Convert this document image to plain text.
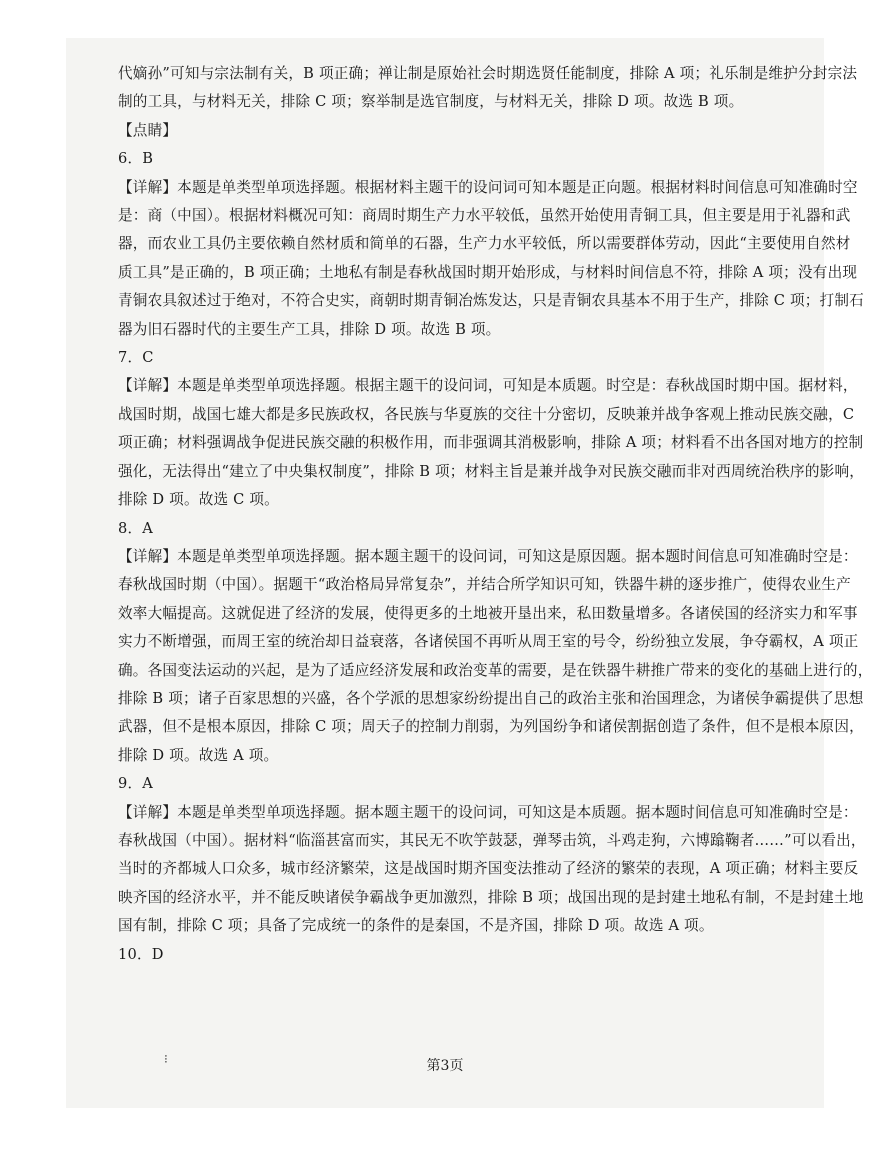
代嫡孙”可知与宗法制有关，B 项正确；禅让制是原始社会时期选贤任能制度，排除 A 项；礼乐制是维护分封宗法
制的工具，与材料无关，排除 C 项；察举制是选官制度，与材料无关，排除 D 项。故选 B 项。
【点睛】
6．B
【详解】本题是单类型单项选择题。根据材料主题干的设问词可知本题是正向题。根据材料时间信息可知准确时空
是：商（中国）。根据材料概况可知：商周时期生产力水平较低，虽然开始使用青铜工具，但主要是用于礼器和武
器，而农业工具仍主要依赖自然材质和简单的石器，生产力水平较低，所以需要群体劳动，因此“主要使用自然材
质工具”是正确的，B 项正确；土地私有制是春秋战国时期开始形成，与材料时间信息不符，排除 A 项；没有出现
青铜农具叙述过于绝对，不符合史实，商朝时期青铜冶炼发达，只是青铜农具基本不用于生产，排除 C 项；打制石
器为旧石器时代的主要生产工具，排除 D 项。故选 B 项。
7．C
【详解】本题是单类型单项选择题。根据主题干的设问词，可知是本质题。时空是：春秋战国时期中国。据材料，
战国时期，战国七雄大都是多民族政权，各民族与华夏族的交往十分密切，反映兼并战争客观上推动民族交融，C
项正确；材料强调战争促进民族交融的积极作用，而非强调其消极影响，排除 A 项；材料看不出各国对地方的控制
强化，无法得出“建立了中央集权制度”，排除 B 项；材料主旨是兼并战争对民族交融而非对西周统治秩序的影响，
排除 D 项。故选 C 项。
8．A
【详解】本题是单类型单项选择题。据本题主题干的设问词，可知这是原因题。据本题时间信息可知准确时空是：
春秋战国时期（中国）。据题干“政治格局异常复杂”，并结合所学知识可知，铁器牛耕的逐步推广，使得农业生产
效率大幅提高。这就促进了经济的发展，使得更多的土地被开垦出来，私田数量增多。各诸侯国的经济实力和军事
实力不断增强，而周王室的统治却日益衰落，各诸侯国不再听从周王室的号令，纷纷独立发展，争夺霸权，A 项正
确。各国变法运动的兴起，是为了适应经济发展和政治变革的需要，是在铁器牛耕推广带来的变化的基础上进行的，
排除 B 项；诸子百家思想的兴盛，各个学派的思想家纷纷提出自己的政治主张和治国理念，为诸侯争霸提供了思想
武器，但不是根本原因，排除 C 项；周天子的控制力削弱，为列国纷争和诸侯割据创造了条件，但不是根本原因，
排除 D 项。故选 A 项。
9．A
【详解】本题是单类型单项选择题。据本题主题干的设问词，可知这是本质题。据本题时间信息可知准确时空是：
春秋战国（中国）。据材料“临淄甚富而实，其民无不吹竽鼓瑟，弹琴击筑，斗鸡走狗，六博蹹鞠者……”可以看出，
当时的齐都城人口众多，城市经济繁荣，这是战国时期齐国变法推动了经济的繁荣的表现，A 项正确；材料主要反
映齐国的经济水平，并不能反映诸侯争霸战争更加激烈，排除 B 项；战国出现的是封建土地私有制，不是封建土地
国有制，排除 C 项；具备了完成统一的条件的是秦国，不是齐国，排除 D 项。故选 A 项。
10．D
⁝	第3页
